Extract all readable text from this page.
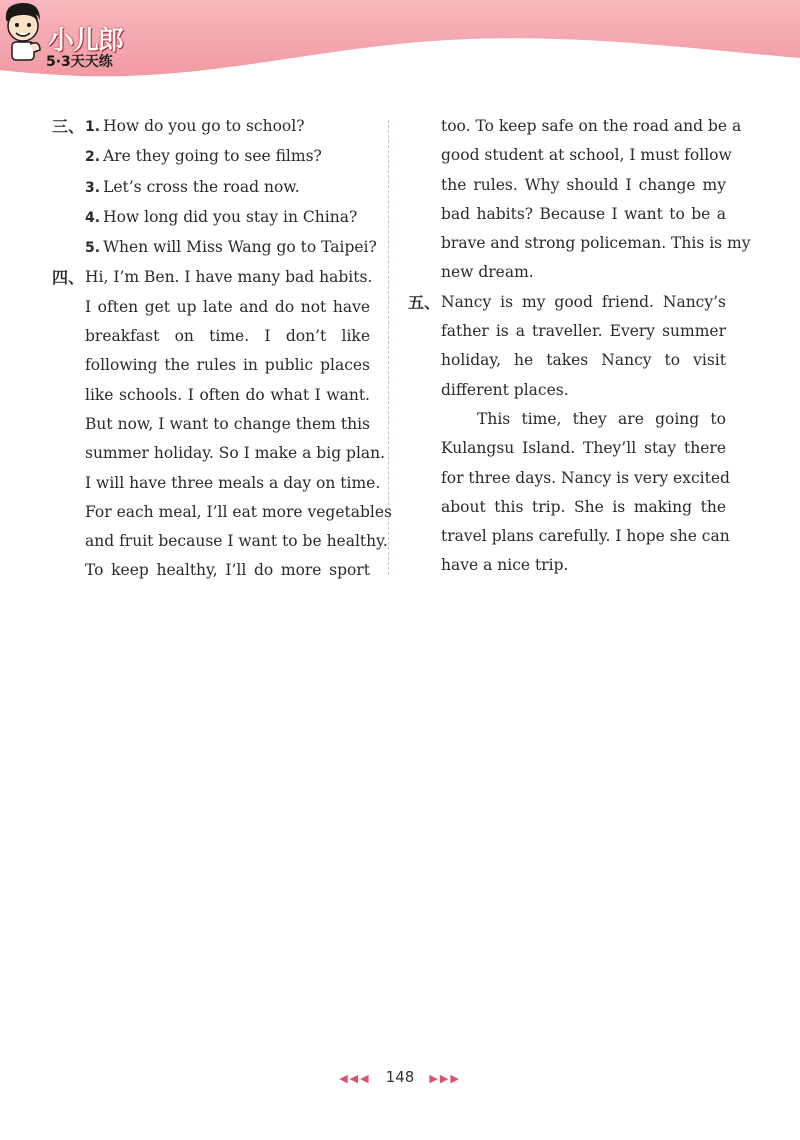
小儿郎
5·3天天练
三、 1. How do you go to school?
2. Are they going to see films?
3. Let’s cross the road now.
4. How long did you stay in China?
5. When will Miss Wang go to Taipei?
四、 Hi, I’m Ben. I have many bad habits.
I often get up late and do not have
breakfast on time. I don’t like
following the rules in public places
like schools. I often do what I want.
But now, I want to change them this
summer holiday. So I make a big plan.
I will have three meals a day on time.
For each meal, I’ll eat more vegetables
and fruit because I want to be healthy.
To keep healthy, I’ll do more sport
too. To keep safe on the road and be a
good student at school, I must follow
the rules. Why should I change my
bad habits? Because I want to be a
brave and strong policeman. This is my
new dream.
五、 Nancy is my good friend. Nancy’s
father is a traveller. Every summer
holiday, he takes Nancy to visit
different places.
This time, they are going to
Kulangsu Island. They’ll stay there
for three days. Nancy is very excited
about this trip. She is making the
travel plans carefully. I hope she can
have a nice trip.
◀◀◀ 148 ▶▶▶
